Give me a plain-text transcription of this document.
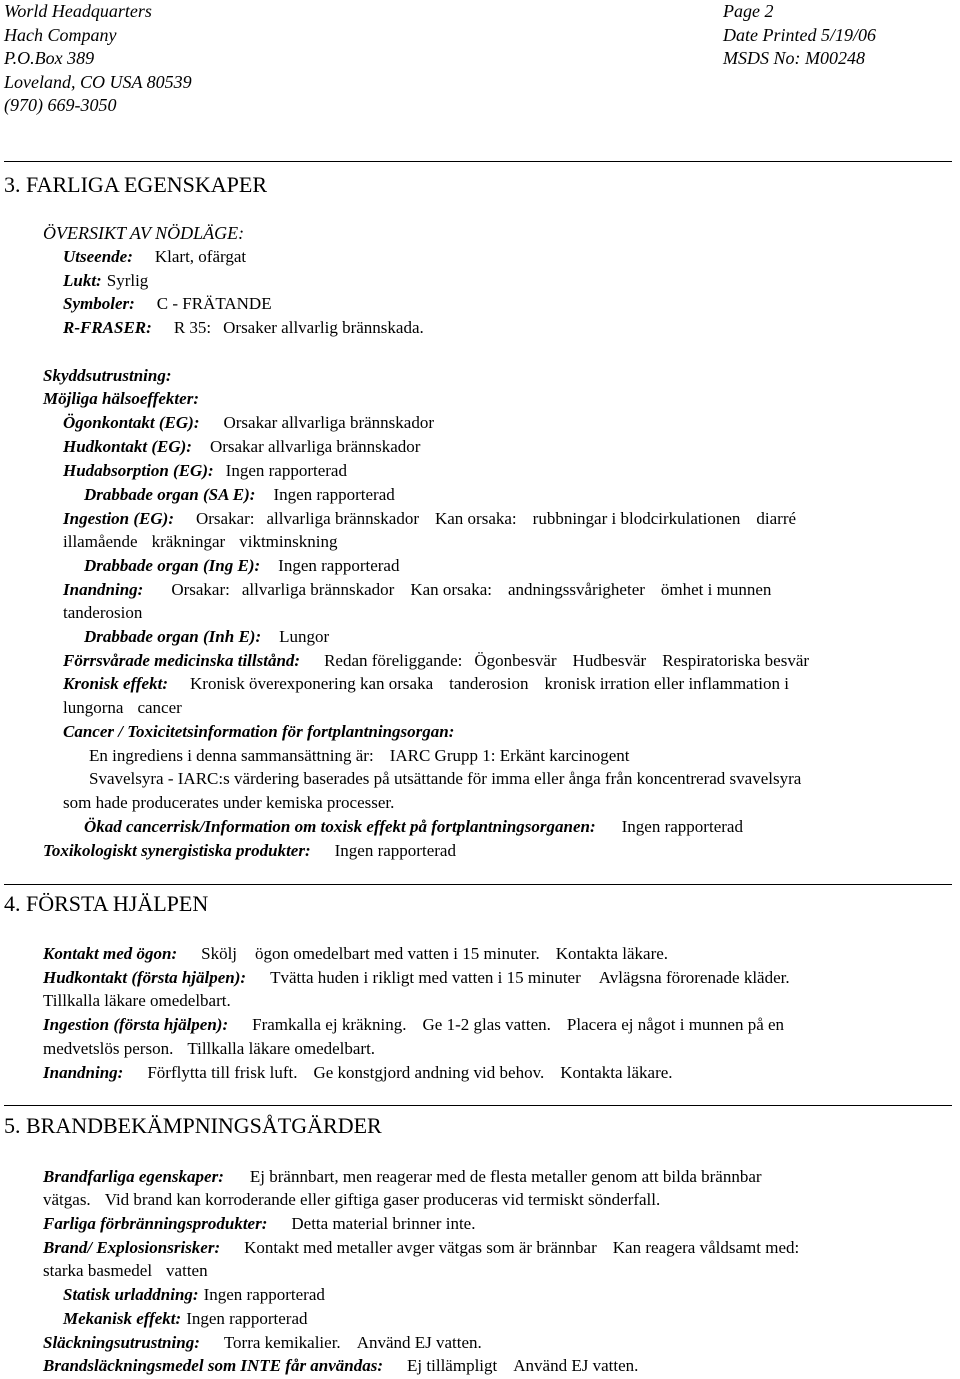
World Headquarters
Hach Company
P.O.Box 389
Loveland, CO USA 80539
(970) 669-3050
Page 2
Date Printed 5/19/06
MSDS No: M00248
3. FARLIGA EGENSKAPER
ÖVERSIKT AV NÖDLÄGE:
Utseende: Klart, ofärgat
Lukt: Syrlig
Symboler: C - FRÄTANDE
R-FRASER: R 35: Orsaker allvarlig brännskada.
Skyddsutrustning:
Möjliga hälsoeffekter:
Ögonkontakt (EG): Orsakar allvarliga brännskador
Hudkontakt (EG): Orsakar allvarliga brännskador
Hudabsorption (EG): Ingen rapporterad
Drabbade organ (SA E): Ingen rapporterad
Ingestion (EG): Orsakar: allvarliga brännskador Kan orsaka: rubbningar i blodcirkulationen diarré
illamående kräkningar viktminskning
Drabbade organ (Ing E): Ingen rapporterad
Inandning: Orsakar: allvarliga brännskador Kan orsaka: andningssvårigheter ömhet i munnen
tanderosion
Drabbade organ (Inh E): Lungor
Förrsvårade medicinska tillstånd: Redan föreliggande: Ögonbesvär Hudbesvär Respiratoriska besvär
Kronisk effekt: Kronisk överexponering kan orsaka tanderosion kronisk irration eller inflammation i
lungorna cancer
Cancer / Toxicitetsinformation för fortplantningsorgan:
En ingrediens i denna sammansättning är: IARC Grupp 1: Erkänt karcinogent
Svavelsyra - IARC:s värdering baserades på utsättande för imma eller ånga från koncentrerad svavelsyra
som hade producerates under kemiska processer.
Ökad cancerrisk/Information om toxisk effekt på fortplantningsorganen: Ingen rapporterad
Toxikologiskt synergistiska produkter: Ingen rapporterad
4. FÖRSTA HJÄLPEN
Kontakt med ögon: Skölj ögon omedelbart med vatten i 15 minuter. Kontakta läkare.
Hudkontakt (första hjälpen): Tvätta huden i rikligt med vatten i 15 minuter Avlägsna förorenade kläder.
Tillkalla läkare omedelbart.
Ingestion (första hjälpen): Framkalla ej kräkning. Ge 1-2 glas vatten. Placera ej något i munnen på en
medvetslös person. Tillkalla läkare omedelbart.
Inandning: Förflytta till frisk luft. Ge konstgjord andning vid behov. Kontakta läkare.
5. BRANDBEKÄMPNINGSÅTGÄRDER
Brandfarliga egenskaper: Ej brännbart, men reagerar med de flesta metaller genom att bilda brännbar
vätgas. Vid brand kan korroderande eller giftiga gaser produceras vid termiskt sönderfall.
Farliga förbränningsprodukter: Detta material brinner inte.
Brand/ Explosionsrisker: Kontakt med metaller avger vätgas som är brännbar Kan reagera våldsamt med:
starka basmedel vatten
Statisk urladdning: Ingen rapporterad
Mekanisk effekt: Ingen rapporterad
Släckningsutrustning: Torra kemikalier. Använd EJ vatten.
Brandsläckningsmedel som INTE får användas: Ej tillämpligt Använd EJ vatten.
